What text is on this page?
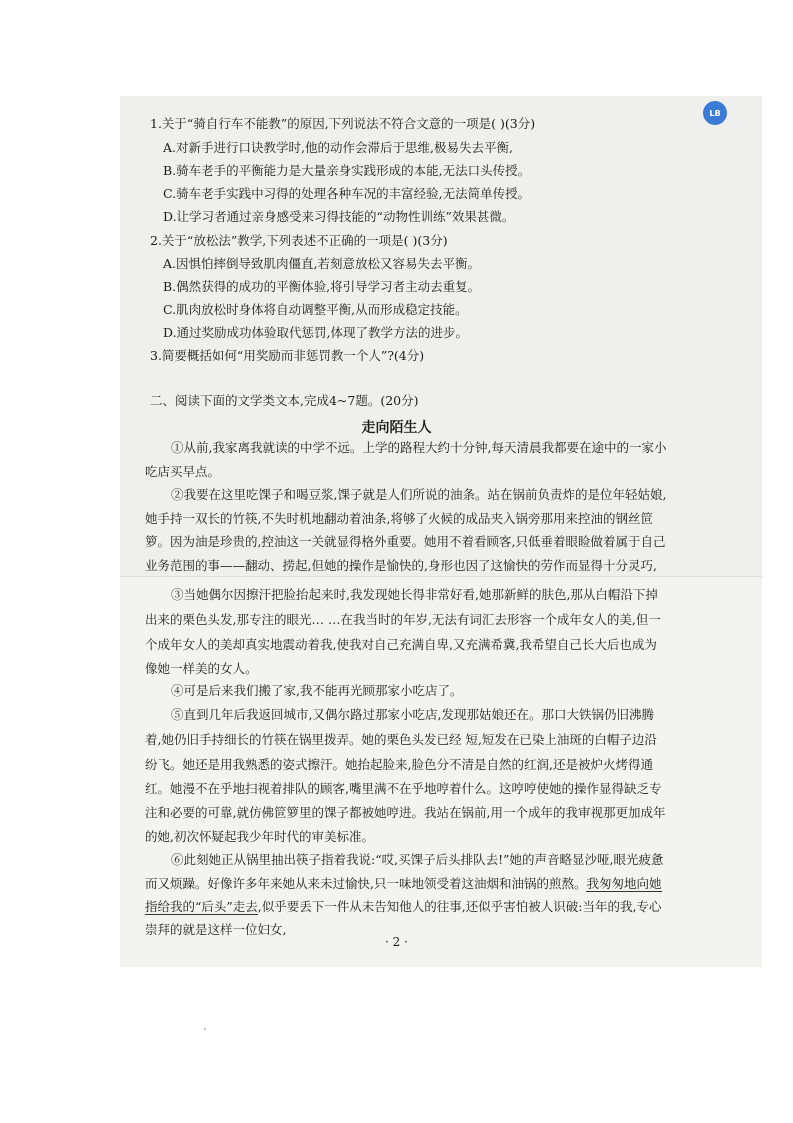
LB
1.关于“骑自行车不能教”的原因,下列说法不符合文意的一项是( )(3分)
A.对新手进行口诀教学时,他的动作会滞后于思维,极易失去平衡,
B.骑车老手的平衡能力是大量亲身实践形成的本能,无法口头传授。
C.骑车老手实践中习得的处理各种车况的丰富经验,无法简单传授。
D.让学习者通过亲身感受来习得技能的“动物性训练”效果甚微。
2.关于“放松法”教学,下列表述不正确的一项是( )(3分)
A.因惧怕摔倒导致肌肉僵直,若刻意放松又容易失去平衡。
B.偶然获得的成功的平衡体验,将引导学习者主动去重复。
C.肌肉放松时身体将自动调整平衡,从而形成稳定技能。
D.通过奖励成功体验取代惩罚,体现了教学方法的进步。
3.简要概括如何“用奖励而非惩罚教一个人”?(4分)
二、阅读下面的文学类文本,完成4~7题。(20分)
走向陌生人
①从前,我家离我就读的中学不远。上学的路程大约十分钟,每天清晨我都要在途中的一家小
吃店买早点。
②我要在这里吃馃子和喝豆浆,馃子就是人们所说的油条。站在锅前负责炸的是位年轻姑娘,
她手持一双长的竹筷,不失时机地翻动着油条,将够了火候的成品夹入锅旁那用来控油的钢丝笸
箩。因为油是珍贵的,控油这一关就显得格外重要。她用不着看顾客,只低垂着眼睑做着属于自己
业务范围的事——翻动、捞起,但她的操作是愉快的,身形也因了这愉快的劳作而显得十分灵巧,
③当她偶尔因擦汗把脸抬起来时,我发现她长得非常好看,她那新鲜的肤色,那从白帽沿下掉
出来的栗色头发,那专注的眼光… …在我当时的年岁,无法有词汇去形容一个成年女人的美,但一
个成年女人的美却真实地震动着我,使我对自己充满自卑,又充满希冀,我希望自己长大后也成为
像她一样美的女人。
④可是后来我们搬了家,我不能再光顾那家小吃店了。
⑤直到几年后我返回城市,又偶尔路过那家小吃店,发现那姑娘还在。那口大铁锅仍旧沸腾
着,她仍旧手持细长的竹筷在锅里拨弄。她的栗色头发已经 短,短发在已染上油斑的白帽子边沿
纷飞。她还是用我熟悉的姿式擦汗。她抬起脸来,脸色分不清是自然的红润,还是被炉火烤得通
红。她漫不在乎地扫视着排队的顾客,嘴里满不在乎地哼着什么。这哼哼使她的操作显得缺乏专
注和必要的可靠,就仿佛笸箩里的馃子都被她哼进。我站在锅前,用一个成年的我审视那更加成年
的她,初次怀疑起我少年时代的审美标准。
⑥此刻她正从锅里抽出筷子指着我说:“哎,买馃子后头排队去!”她的声音略显沙哑,眼光疲惫
而又烦躁。好像许多年来她从来未过愉快,只一味地领受着这油烟和油锅的煎熬。我匆匆地向她
指给我的“后头”走去,似乎要丢下一件从未告知他人的往事,还似乎害怕被人识破:当年的我,专心
崇拜的就是这样一位妇女,
· 2 ·
